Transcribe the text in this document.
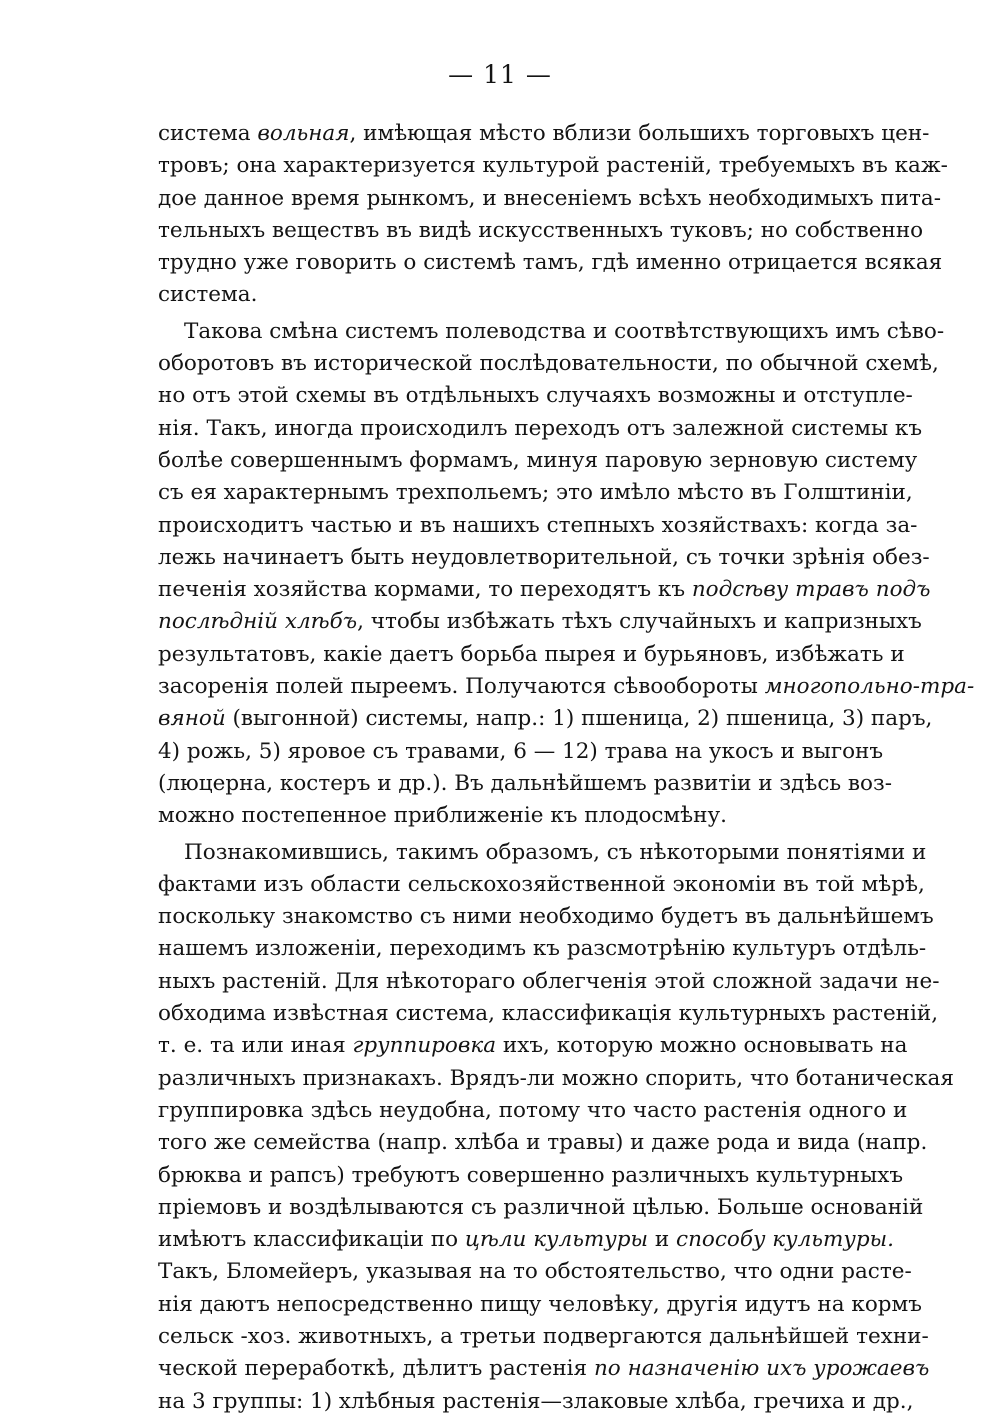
— 11 —
система вольная, имѣющая мѣсто вблизи большихъ торговыхъ цен-
тровъ; она характеризуется культурой растеній, требуемыхъ въ каж-
дое данное время рынкомъ, и внесеніемъ всѣхъ необходимыхъ пита-
тельныхъ веществъ въ видѣ искусственныхъ туковъ; но собственно
трудно уже говорить о системѣ тамъ, гдѣ именно отрицается всякая
система.
Такова смѣна системъ полеводства и соотвѣтствующихъ имъ сѣво-
оборотовъ въ исторической послѣдовательности, по обычной схемѣ,
но отъ этой схемы въ отдѣльныхъ случаяхъ возможны и отступле-
нія. Такъ, иногда происходилъ переходъ отъ залежной системы къ
болѣе совершеннымъ формамъ, минуя паровую зерновую систему
съ ея характернымъ трехпольемъ; это имѣло мѣсто въ Голштиніи,
происходитъ частью и въ нашихъ степныхъ хозяйствахъ: когда за-
лежь начинаетъ быть неудовлетворительной, съ точки зрѣнія обез-
печенія хозяйства кормами, то переходятъ къ подсѣву травъ подъ
послѣдній хлѣбъ, чтобы избѣжать тѣхъ случайныхъ и капризныхъ
результатовъ, какіе даетъ борьба пырея и бурьяновъ, избѣжать и
засоренія полей пыреемъ. Получаются сѣвообороты многопольно-тра-
вяной (выгонной) системы, напр.: 1) пшеница, 2) пшеница, 3) паръ,
4) рожь, 5) яровое съ травами, 6 — 12) трава на укосъ и выгонъ
(люцерна, костеръ и др.). Въ дальнѣйшемъ развитіи и здѣсь воз-
можно постепенное приближеніе къ плодосмѣну.
Познакомившись, такимъ образомъ, съ нѣкоторыми понятіями и
фактами изъ области сельскохозяйственной экономіи въ той мѣрѣ,
поскольку знакомство съ ними необходимо будетъ въ дальнѣйшемъ
нашемъ изложеніи, переходимъ къ разсмотрѣнію культуръ отдѣль-
ныхъ растеній. Для нѣкотораго облегченія этой сложной задачи не-
обходима извѣстная система, классификація культурныхъ растеній,
т. е. та или иная группировка ихъ, которую можно основывать на
различныхъ признакахъ. Врядъ-ли можно спорить, что ботаническая
группировка здѣсь неудобна, потому что часто растенія одного и
того же семейства (напр. хлѣба и травы) и даже рода и вида (напр.
брюква и рапсъ) требуютъ совершенно различныхъ культурныхъ
пріемовъ и воздѣлываются съ различной цѣлью. Больше основаній
имѣютъ классификаціи по цѣли культуры и способу культуры.
Такъ, Бломейеръ, указывая на то обстоятельство, что одни расте-
нія даютъ непосредственно пищу человѣку, другія идутъ на кормъ
сельск -хоз. животныхъ, а третьи подвергаются дальнѣйшей техни-
ческой переработкѣ, дѣлитъ растенія по назначенію ихъ урожаевъ
на 3 группы: 1) хлѣбныя растенія—злаковые хлѣба, гречиха и др.,
